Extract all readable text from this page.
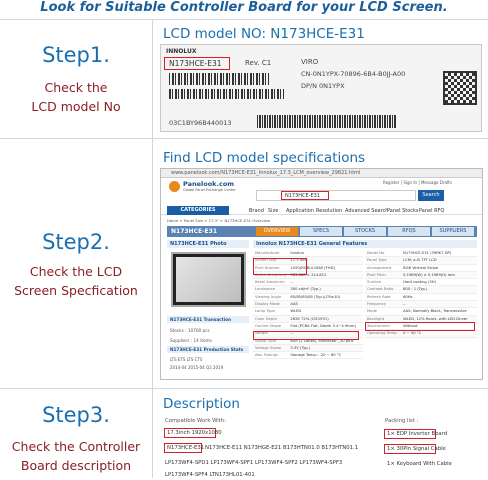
Look for Suitable Controller Board for your LCD Screen.
Step1.
Check the
LCD model No
Step2.
Check the LCD
Screen Specfication
Step3.
Check the Controller
Board description
LCD model NO: N173HCE-E31
INNOLUX
N173HCE-E31	Rev. C1	VIRO
CN-0N1YPX-70896-6B4-B0JJ-A00
DP/N 0N1YPX
03C1BY96B440013
Find LCD model specifications
www.panelook.com/N173HCE-E31_Innolux_17.3_LCM_overview_29821.html
Panelook.com
Global Panel Exchange Center
Register | Sign In | Message Drafts
N173HCE-E31	Search
CATEGORIES	Brand Size Application Resolution Advanced Search
Panel Stocks Panel RFQ
Home > Panel Size > 17.3" > N173HCE-E31 Overview
N173HCE-E31	OVERVIEW	SPECS	STOCKS	RFQS	SUPPLIERS
N173HCE-E31 Photo
N173HCE-E31 Transaction
Stocks : 10700 pcs
Suppliers : 14 items
N173HCE-E31 Production Stats
LTS ETS LTS CTS
2014-04 2015-04 Q3 2019
Innolux N173HCE-E31 General Features
Manufacturer	Innolux
Screen Size	17.3 inch
Pixel Number	1920(RGB)×1080 [FHD]
Active Area(mm)	381.888 × 214.812
Bezel Area(mm)	--
Luminance	300 cd/m² (Typ.)
Viewing Angle	85/85/85/85 (Typ.)(CR≥10)
Display Mode	AAS
Lamp Type	WLED
Color Depth	262K 72% (CIE1931)
Outline Shape	Flat (PCBA Flat, Depth 3.4~4.9mm)
Weight	--
Signal Type	eDP (2 Lanes), connector _30 pins
Voltage Signal	3.3V (Typ.)
Abs. Ratings	Storage Temp.: -20 ~ 60 °C
Model No.	N173HCE-E31 (39RK7 DP)
Panel Type	LCM, a-Si TFT LCD
Arrangement	RGB Vertical Stripe
Pixel Pitch	0.1989(W) × 0.1989(H) mm
Surface	Hard coating (3H)
Contrast Ratio	800 : 1 (Typ.)
Refresh Rate	60Hz
Frequency	--
Mode	AAS, Normally Black, Transmissive
Backlight	WLED, 12% Hours, with LED Driver
Touchscreen	Without
Operating Temp.	0 ~ 50 °C
Description
Compatible Work With:
17.3inch 1920x1080
N173HCE-E31 N173HCE-E11 N173HGE-E21 B173HTN01.0 B173HTN01.1
LP173WF4-SPD1 LP173WF4-SPF1 LP173WF4-SPF2 LP173WF4-SPF3
LP173WF4-SPF4 LTN173HL01-401
Packing list :
1× EDP Inverter Board
1× 30Pin Signal Cable
1× Keyboard With Cable
